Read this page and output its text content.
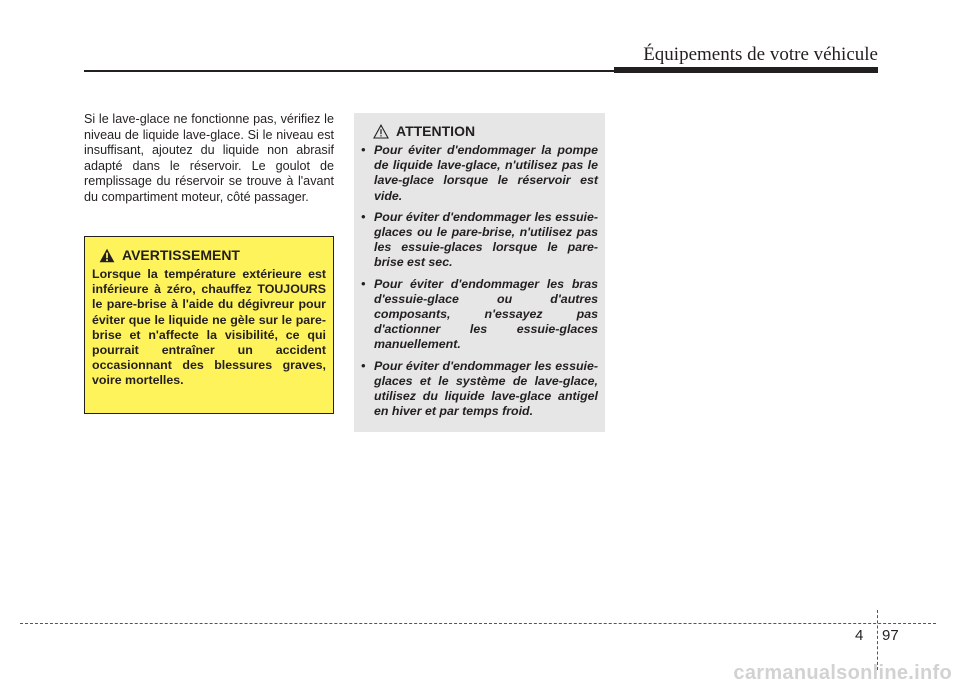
Équipements de votre véhicule

Si le lave-glace ne fonctionne pas, vérifiez le niveau de liquide lave-glace. Si le niveau est insuffisant, ajoutez du liquide non abrasif adapté dans le réservoir. Le goulot de remplissage du réservoir se trouve à l'avant du compartiment moteur, côté passager.

AVERTISSEMENT

Lorsque la température extérieure est inférieure à zéro, chauffez TOUJOURS le pare-brise à l'aide du dégivreur pour éviter que le liquide ne gèle sur le pare-brise et n'affecte la visibilité, ce qui pourrait entraîner un accident occasionnant des blessures graves, voire mortelles.

ATTENTION
• Pour éviter d'endommager la pompe de liquide lave-glace, n'utilisez pas le lave-glace lorsque le réservoir est vide.
• Pour éviter d'endommager les essuie-glaces ou le pare-brise, n'utilisez pas les essuie-glaces lorsque le pare-brise est sec.
• Pour éviter d'endommager les bras d'essuie-glace ou d'autres composants, n'essayez pas d'actionner les essuie-glaces manuellement.
• Pour éviter d'endommager les essuie-glaces et le système de lave-glace, utilisez du liquide lave-glace antigel en hiver et par temps froid.
4 97
carmanualsonline.info
